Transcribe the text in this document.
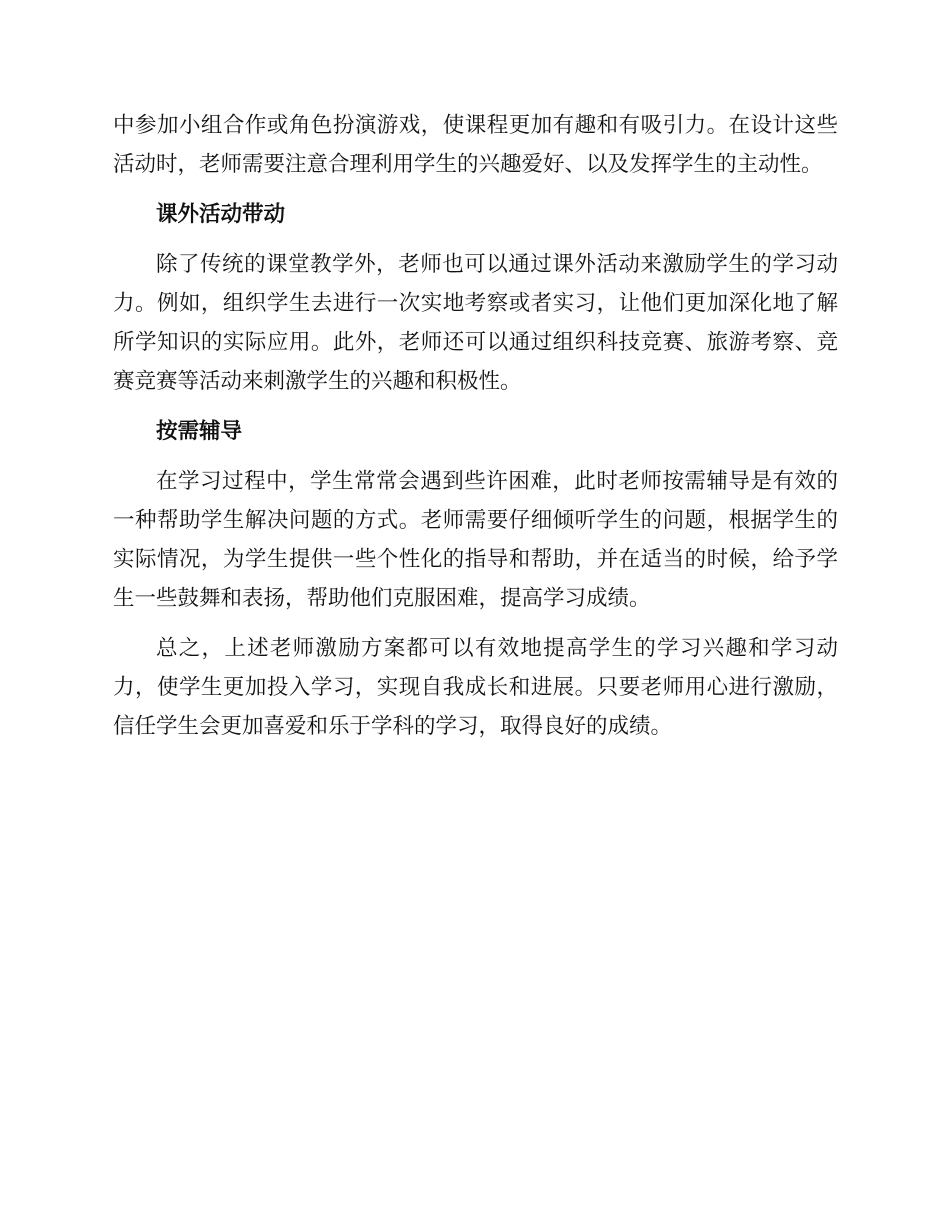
中参加小组合作或角色扮演游戏，使课程更加有趣和有吸引力。在设计这些活动时，老师需要注意合理利用学生的兴趣爱好、以及发挥学生的主动性。

课外活动带动

除了传统的课堂教学外，老师也可以通过课外活动来激励学生的学习动力。例如，组织学生去进行一次实地考察或者实习，让他们更加深化地了解所学知识的实际应用。此外，老师还可以通过组织科技竞赛、旅游考察、竞赛竞赛等活动来刺激学生的兴趣和积极性。

按需辅导

在学习过程中，学生常常会遇到些许困难，此时老师按需辅导是有效的一种帮助学生解决问题的方式。老师需要仔细倾听学生的问题，根据学生的实际情况，为学生提供一些个性化的指导和帮助，并在适当的时候，给予学生一些鼓舞和表扬，帮助他们克服困难，提高学习成绩。

总之，上述老师激励方案都可以有效地提高学生的学习兴趣和学习动力，使学生更加投入学习，实现自我成长和进展。只要老师用心进行激励，信任学生会更加喜爱和乐于学科的学习，取得良好的成绩。
